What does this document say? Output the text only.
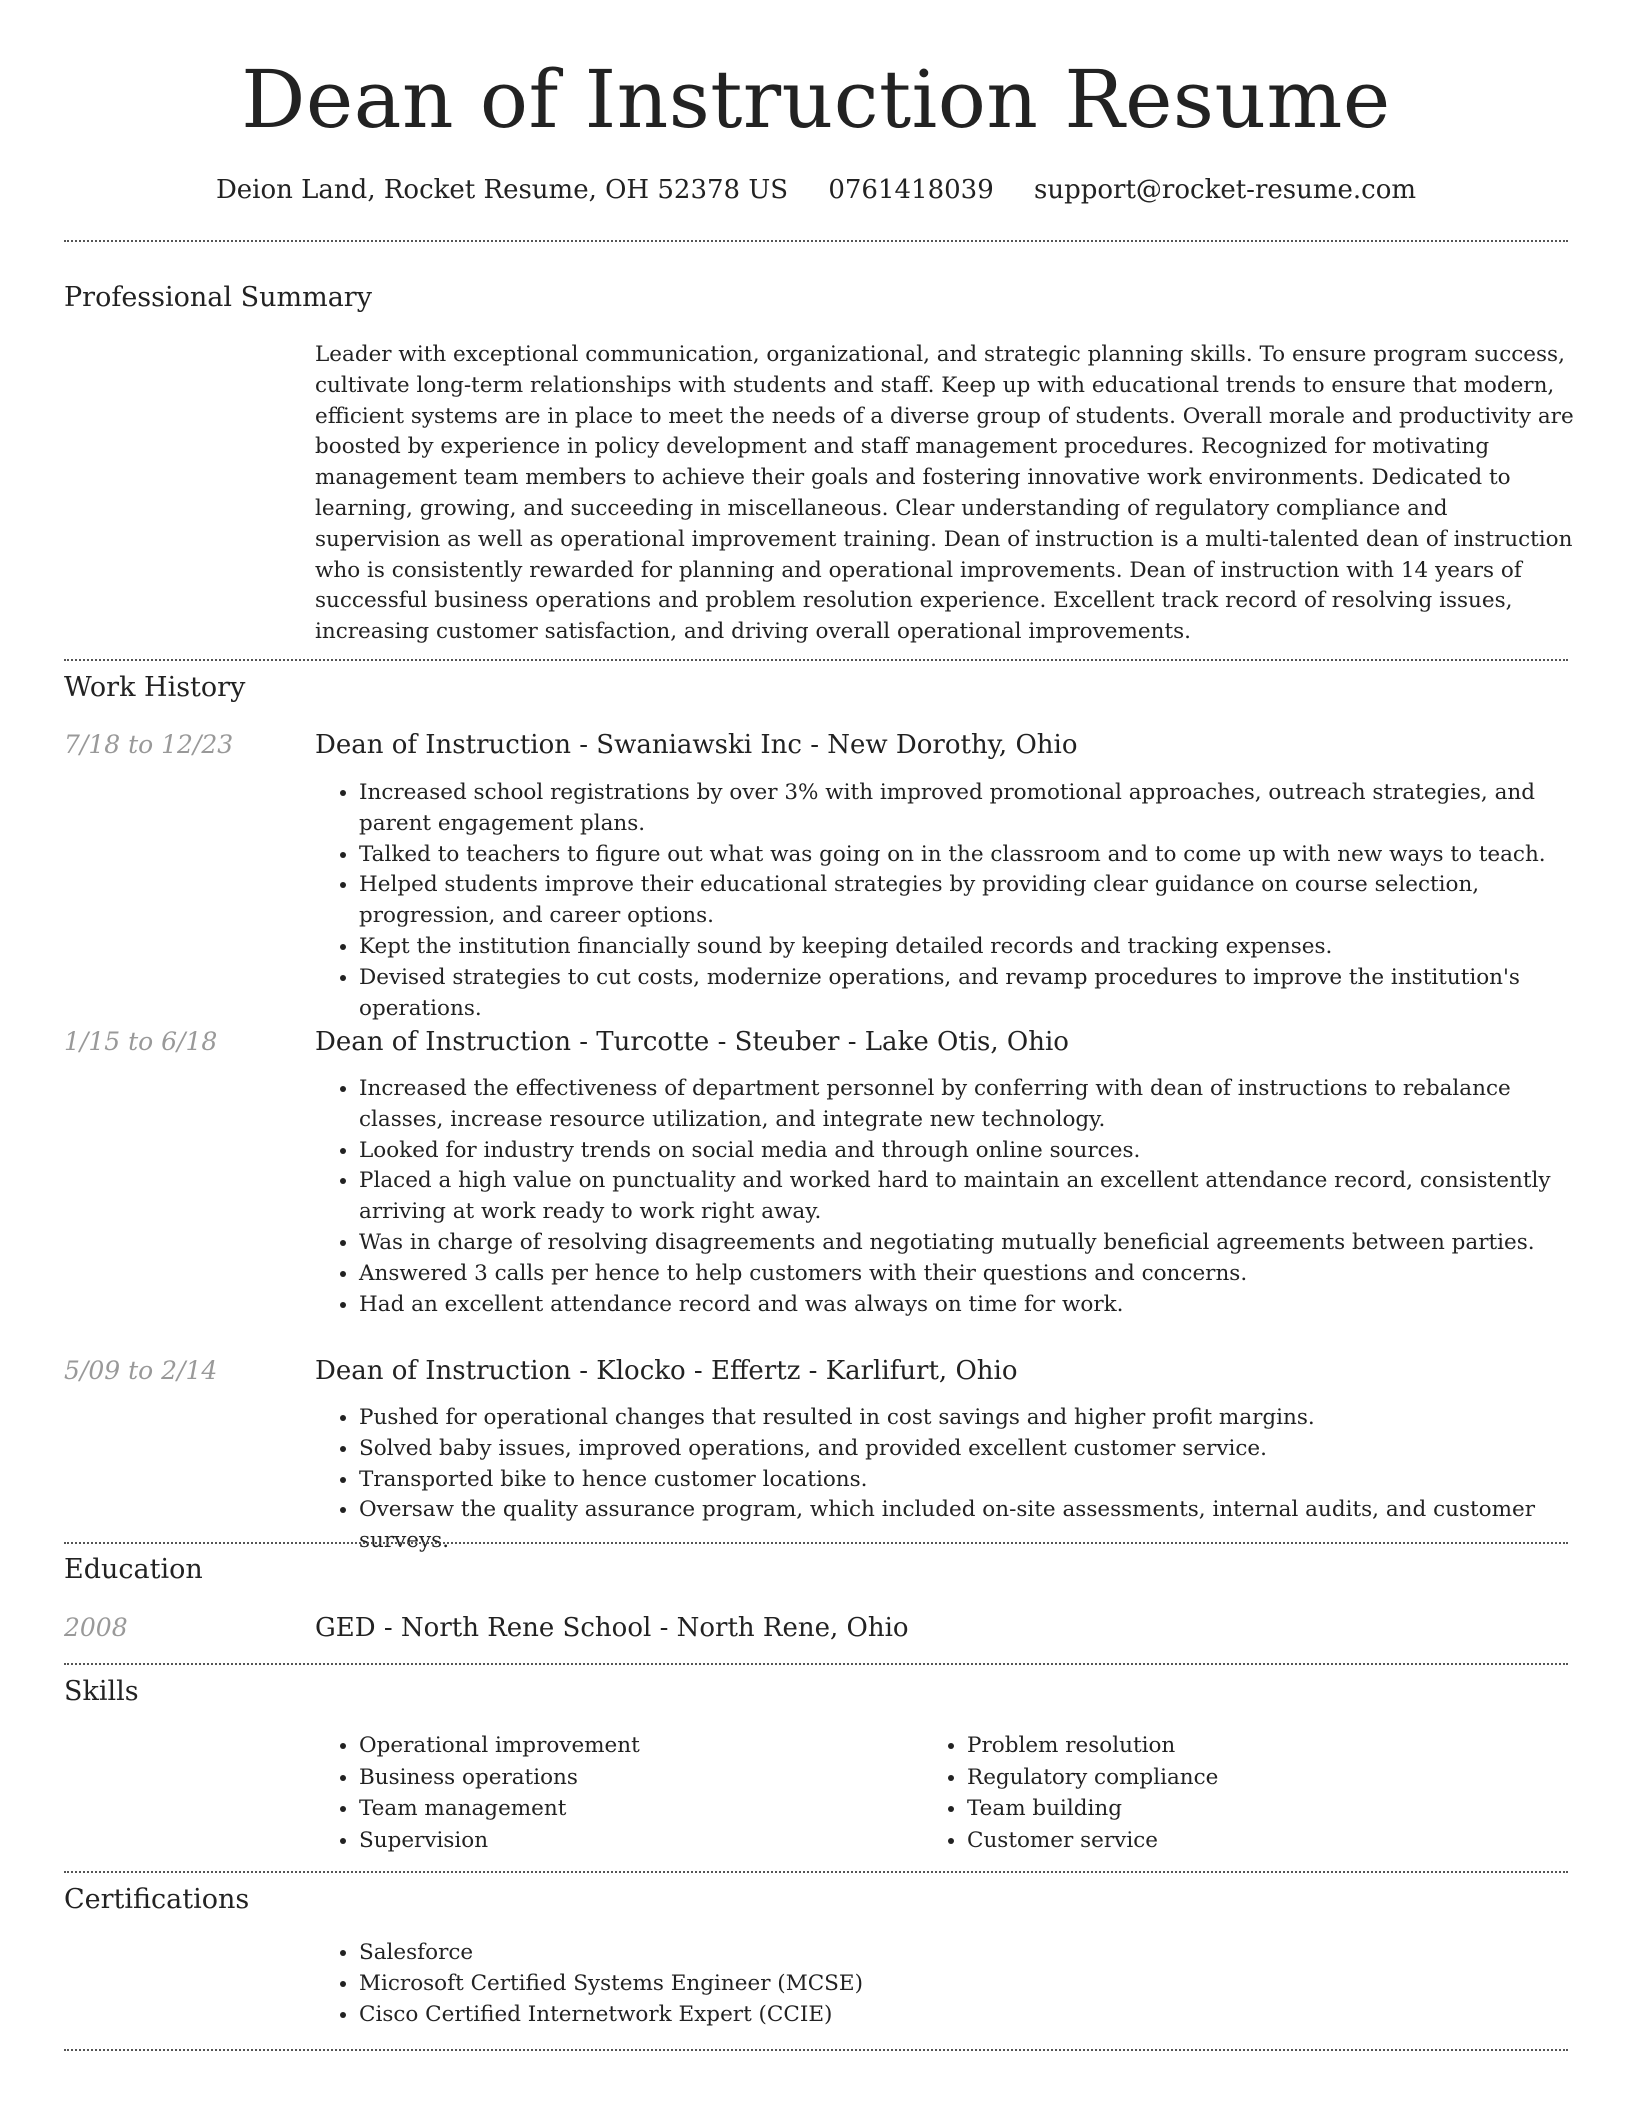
Dean of Instruction Resume
Deion Land, Rocket Resume, OH 52378 US 0761418039 support@rocket-resume.com
Professional Summary

Leader with exceptional communication, organizational, and strategic planning skills. To ensure program success, cultivate long-term relationships with students and staff. Keep up with educational trends to ensure that modern, efficient systems are in place to meet the needs of a diverse group of students. Overall morale and productivity are boosted by experience in policy development and staff management procedures. Recognized for motivating management team members to achieve their goals and fostering innovative work environments. Dedicated to learning, growing, and succeeding in miscellaneous. Clear understanding of regulatory compliance and supervision as well as operational improvement training. Dean of instruction is a multi-talented dean of instruction who is consistently rewarded for planning and operational improvements. Dean of instruction with 14 years of successful business operations and problem resolution experience. Excellent track record of resolving issues, increasing customer satisfaction, and driving overall operational improvements.

Work History
7/18 to 12/23	Dean of Instruction - Swaniawski Inc - New Dorothy, Ohio
• Increased school registrations by over 3% with improved promotional approaches, outreach strategies, and parent engagement plans.
• Talked to teachers to figure out what was going on in the classroom and to come up with new ways to teach.
• Helped students improve their educational strategies by providing clear guidance on course selection, progression, and career options.
• Kept the institution financially sound by keeping detailed records and tracking expenses.
• Devised strategies to cut costs, modernize operations, and revamp procedures to improve the institution's operations.
1/15 to 6/18	Dean of Instruction - Turcotte - Steuber - Lake Otis, Ohio
• Increased the effectiveness of department personnel by conferring with dean of instructions to rebalance classes, increase resource utilization, and integrate new technology.
• Looked for industry trends on social media and through online sources.
• Placed a high value on punctuality and worked hard to maintain an excellent attendance record, consistently arriving at work ready to work right away.
• Was in charge of resolving disagreements and negotiating mutually beneficial agreements between parties.
• Answered 3 calls per hence to help customers with their questions and concerns.
• Had an excellent attendance record and was always on time for work.
5/09 to 2/14	Dean of Instruction - Klocko - Effertz - Karlifurt, Ohio
• Pushed for operational changes that resulted in cost savings and higher profit margins.
• Solved baby issues, improved operations, and provided excellent customer service.
• Transported bike to hence customer locations.
• Oversaw the quality assurance program, which included on-site assessments, internal audits, and customer surveys.
Education
2008	GED - North Rene School - North Rene, Ohio
Skills
• Operational improvement
• Business operations
• Team management
• Supervision
• Problem resolution
• Regulatory compliance
• Team building
• Customer service
Certifications
• Salesforce
• Microsoft Certified Systems Engineer (MCSE)
• Cisco Certified Internetwork Expert (CCIE)
